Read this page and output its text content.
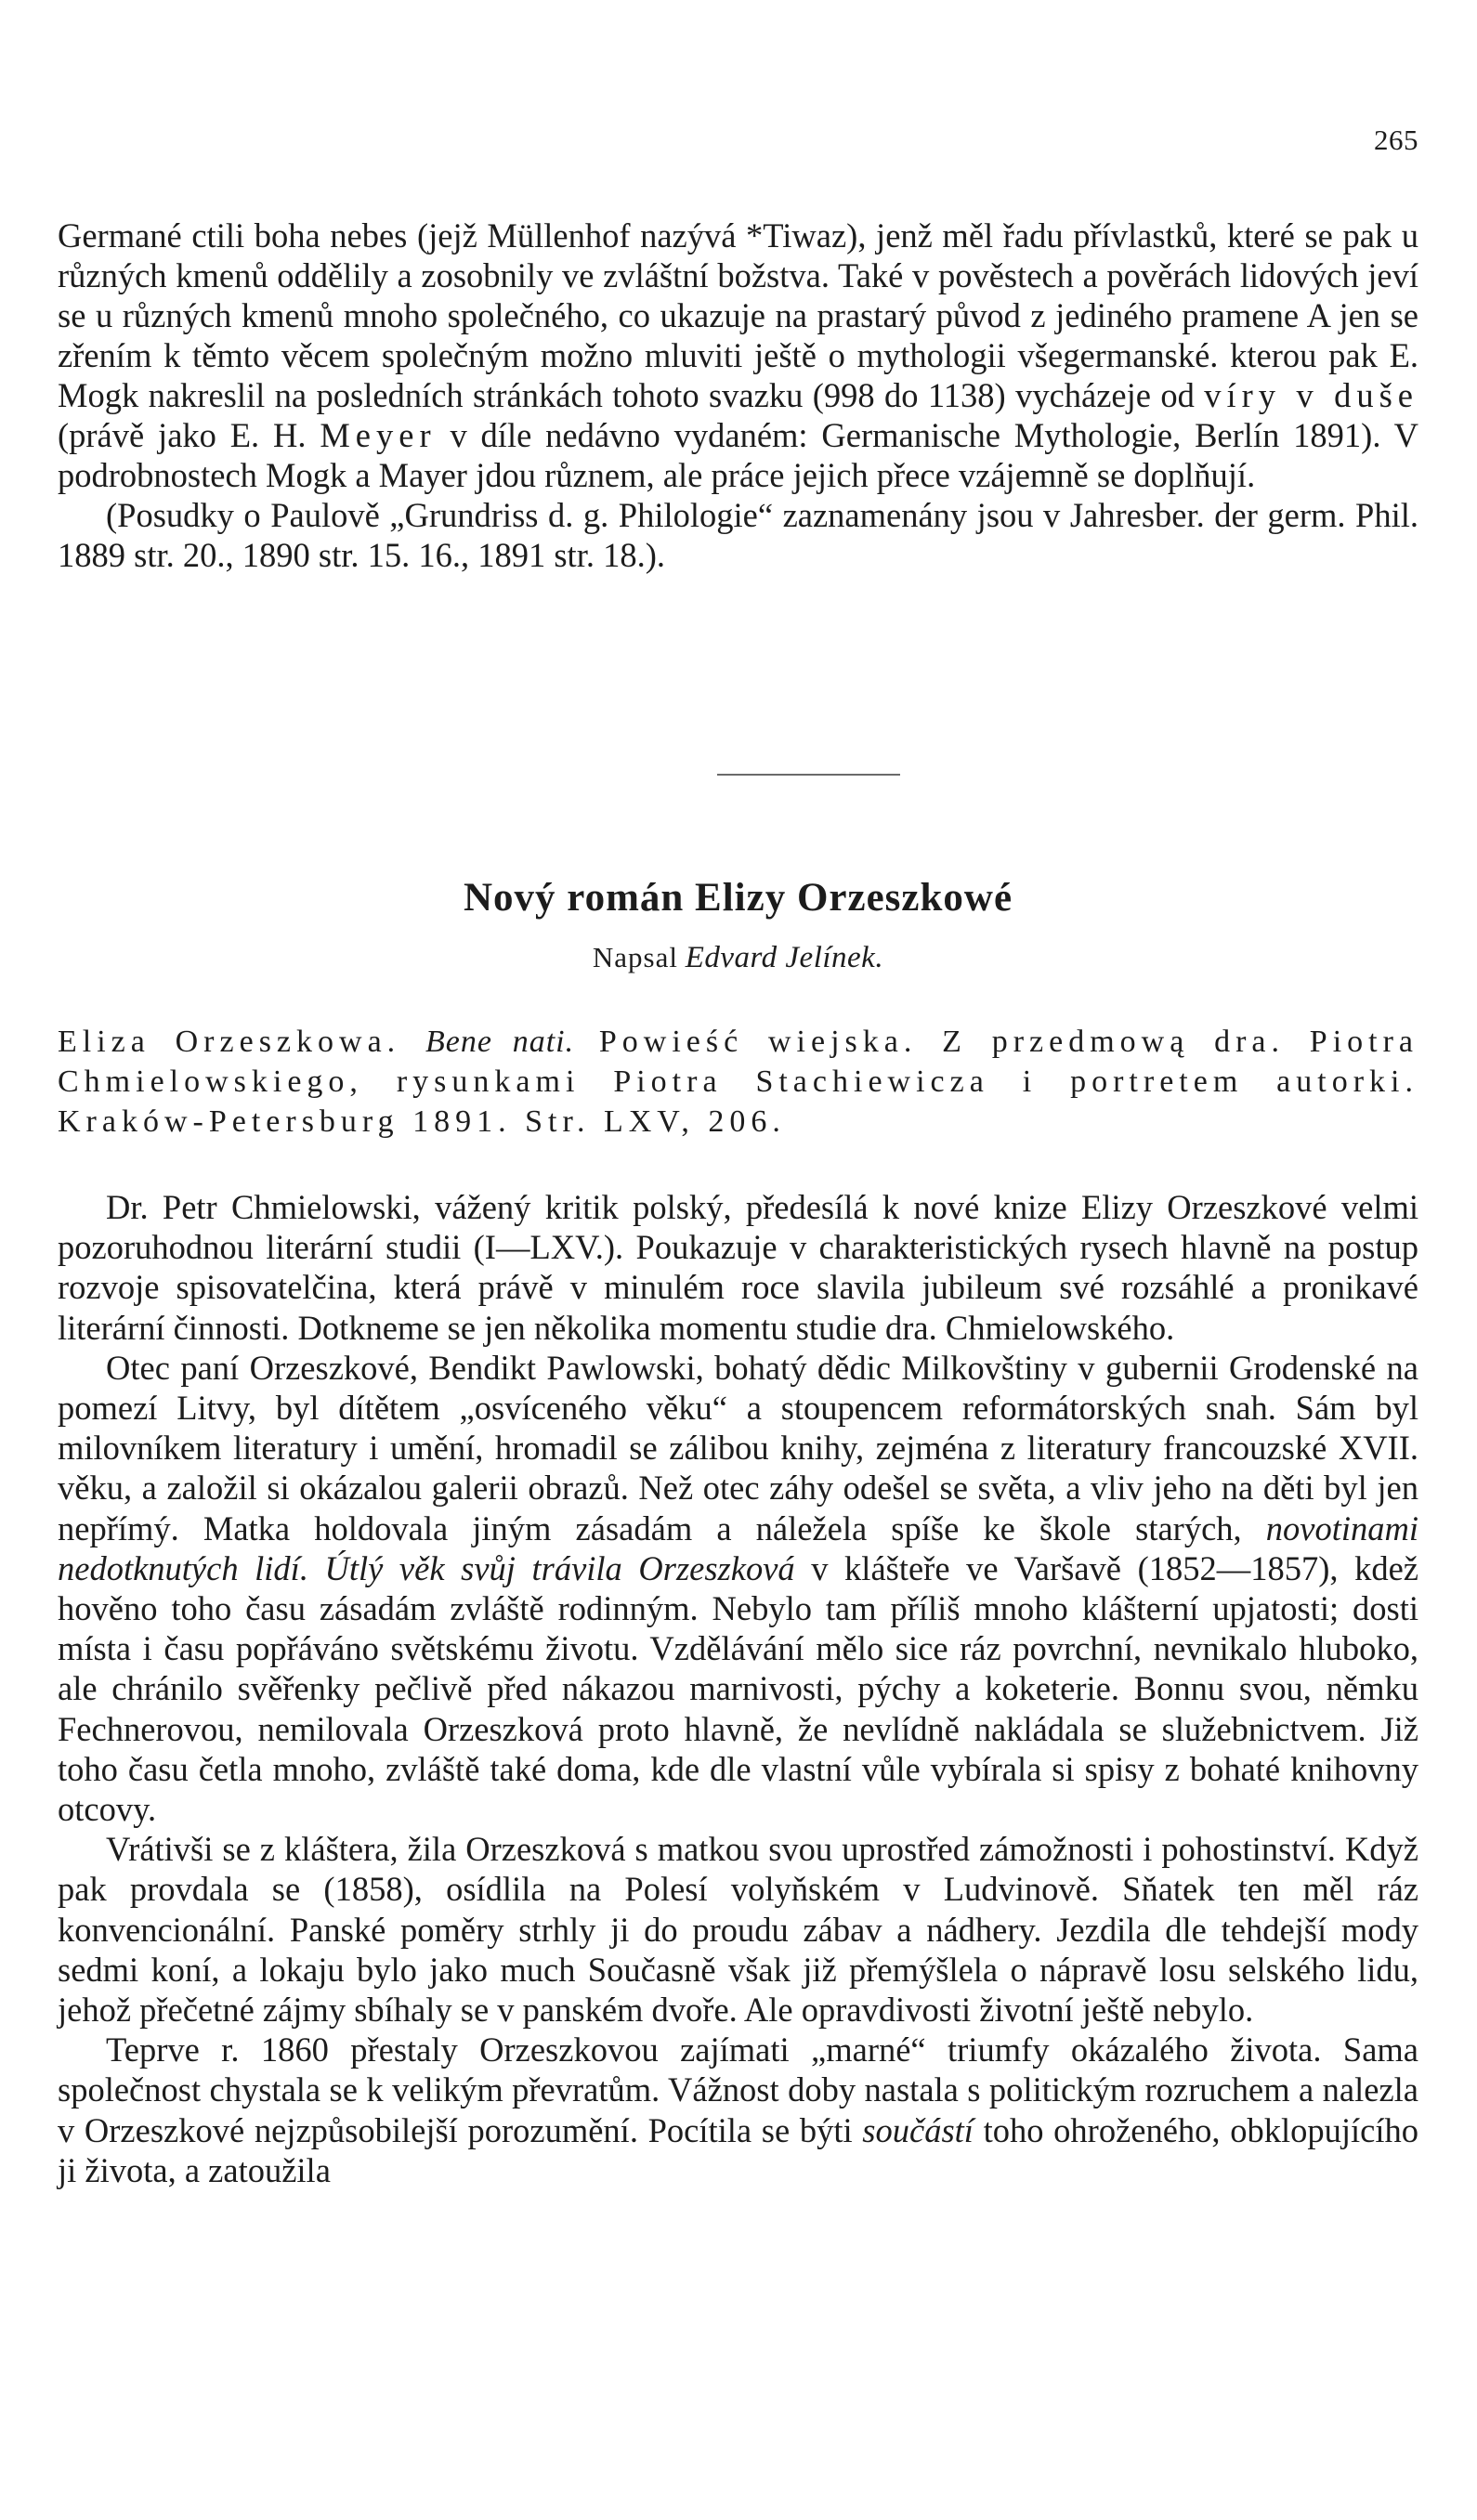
265

Germané ctili boha nebes (jejž Müllenhof nazývá *Tiwaz), jenž měl řadu přívlastků, které se pak u různých kmenů oddělily a zosobnily ve zvláštní božstva. Také v pověstech a pověrách lidových jeví se u různých kmenů mnoho společného, co ukazuje na prastarý původ z jediného pramene A jen se zřením k těmto věcem společným možno mluviti ještě o mythologii všegermanské. kterou pak E. Mogk nakreslil na posledních stránkách tohoto svazku (998 do 1138) vycházeje od víry v duše (právě jako E. H. Meyer v díle nedávno vydaném: Germanische Mythologie, Berlín 1891). V podrobnostech Mogk a Mayer jdou různem, ale práce jejich přece vzájemně se doplňují.

(Posudky o Paulově „Grundriss d. g. Philologie“ zaznamenány jsou v Jahresber. der germ. Phil. 1889 str. 20., 1890 str. 15. 16., 1891 str. 18.).

Nový román Elizy Orzeszkowé
Napsal Edvard Jelínek.

Eliza Orzeszkowa. Bene nati. Powieść wiejska. Z przedmową dra. Piotra Chmielowskiego, rysunkami Piotra Stachiewicza i portretem autorki. Kraków-Petersburg 1891. Str. LXV, 206.

Dr. Petr Chmielowski, vážený kritik polský, předesílá k nové knize Elizy Orzeszkové velmi pozoruhodnou literární studii (I—LXV.). Poukazuje v charakteristických rysech hlavně na postup rozvoje spisovatelčina, která právě v minulém roce slavila jubileum své rozsáhlé a pronikavé literární činnosti. Dotkneme se jen několika momentu studie dra. Chmielowského.

Otec paní Orzeszkové, Bendikt Pawlowski, bohatý dědic Milkovštiny v gubernii Grodenské na pomezí Litvy, byl dítětem „osvíceného věku“ a stoupencem reformátorských snah. Sám byl milovníkem literatury i umění, hromadil se zálibou knihy, zejména z literatury francouzské XVII. věku, a založil si okázalou galerii obrazů. Než otec záhy odešel se světa, a vliv jeho na děti byl jen nepřímý. Matka holdovala jiným zásadám a náležela spíše ke škole starých, novotinami nedotknutých lidí. Útlý věk svůj trávila Orzeszková v klášteře ve Varšavě (1852—1857), kdež hověno toho času zásadám zvláště rodinným. Nebylo tam příliš mnoho klášterní upjatosti; dosti místa i času popřáváno světskému životu. Vzdělávání mělo sice ráz povrchní, nevnikalo hluboko, ale chránilo svěřenky pečlivě před nákazou marnivosti, pýchy a koketerie. Bonnu svou, němku Fechnerovou, nemilovala Orzeszková proto hlavně, že nevlídně nakládala se služebnictvem. Již toho času četla mnoho, zvláště také doma, kde dle vlastní vůle vybírala si spisy z bohaté knihovny otcovy.

Vrátivši se z kláštera, žila Orzeszková s matkou svou uprostřed zámožnosti i pohostinství. Když pak provdala se (1858), osídlila na Polesí volyňském v Ludvinově. Sňatek ten měl ráz konvencionální. Panské poměry strhly ji do proudu zábav a nádhery. Jezdila dle tehdejší mody sedmi koní, a lokaju bylo jako much Současně však již přemýšlela o nápravě losu selského lidu, jehož přečetné zájmy sbíhaly se v panském dvoře. Ale opravdivosti životní ještě nebylo.

Teprve r. 1860 přestaly Orzeszkovou zajímati „marné“ triumfy okázalého života. Sama společnost chystala se k velikým převratům. Vážnost doby nastala s politickým rozruchem a nalezla v Orzeszkové nejzpůsobilejší porozumění. Pocítila se býti součástí toho ohroženého, obklopujícího ji života, a zatoužila
